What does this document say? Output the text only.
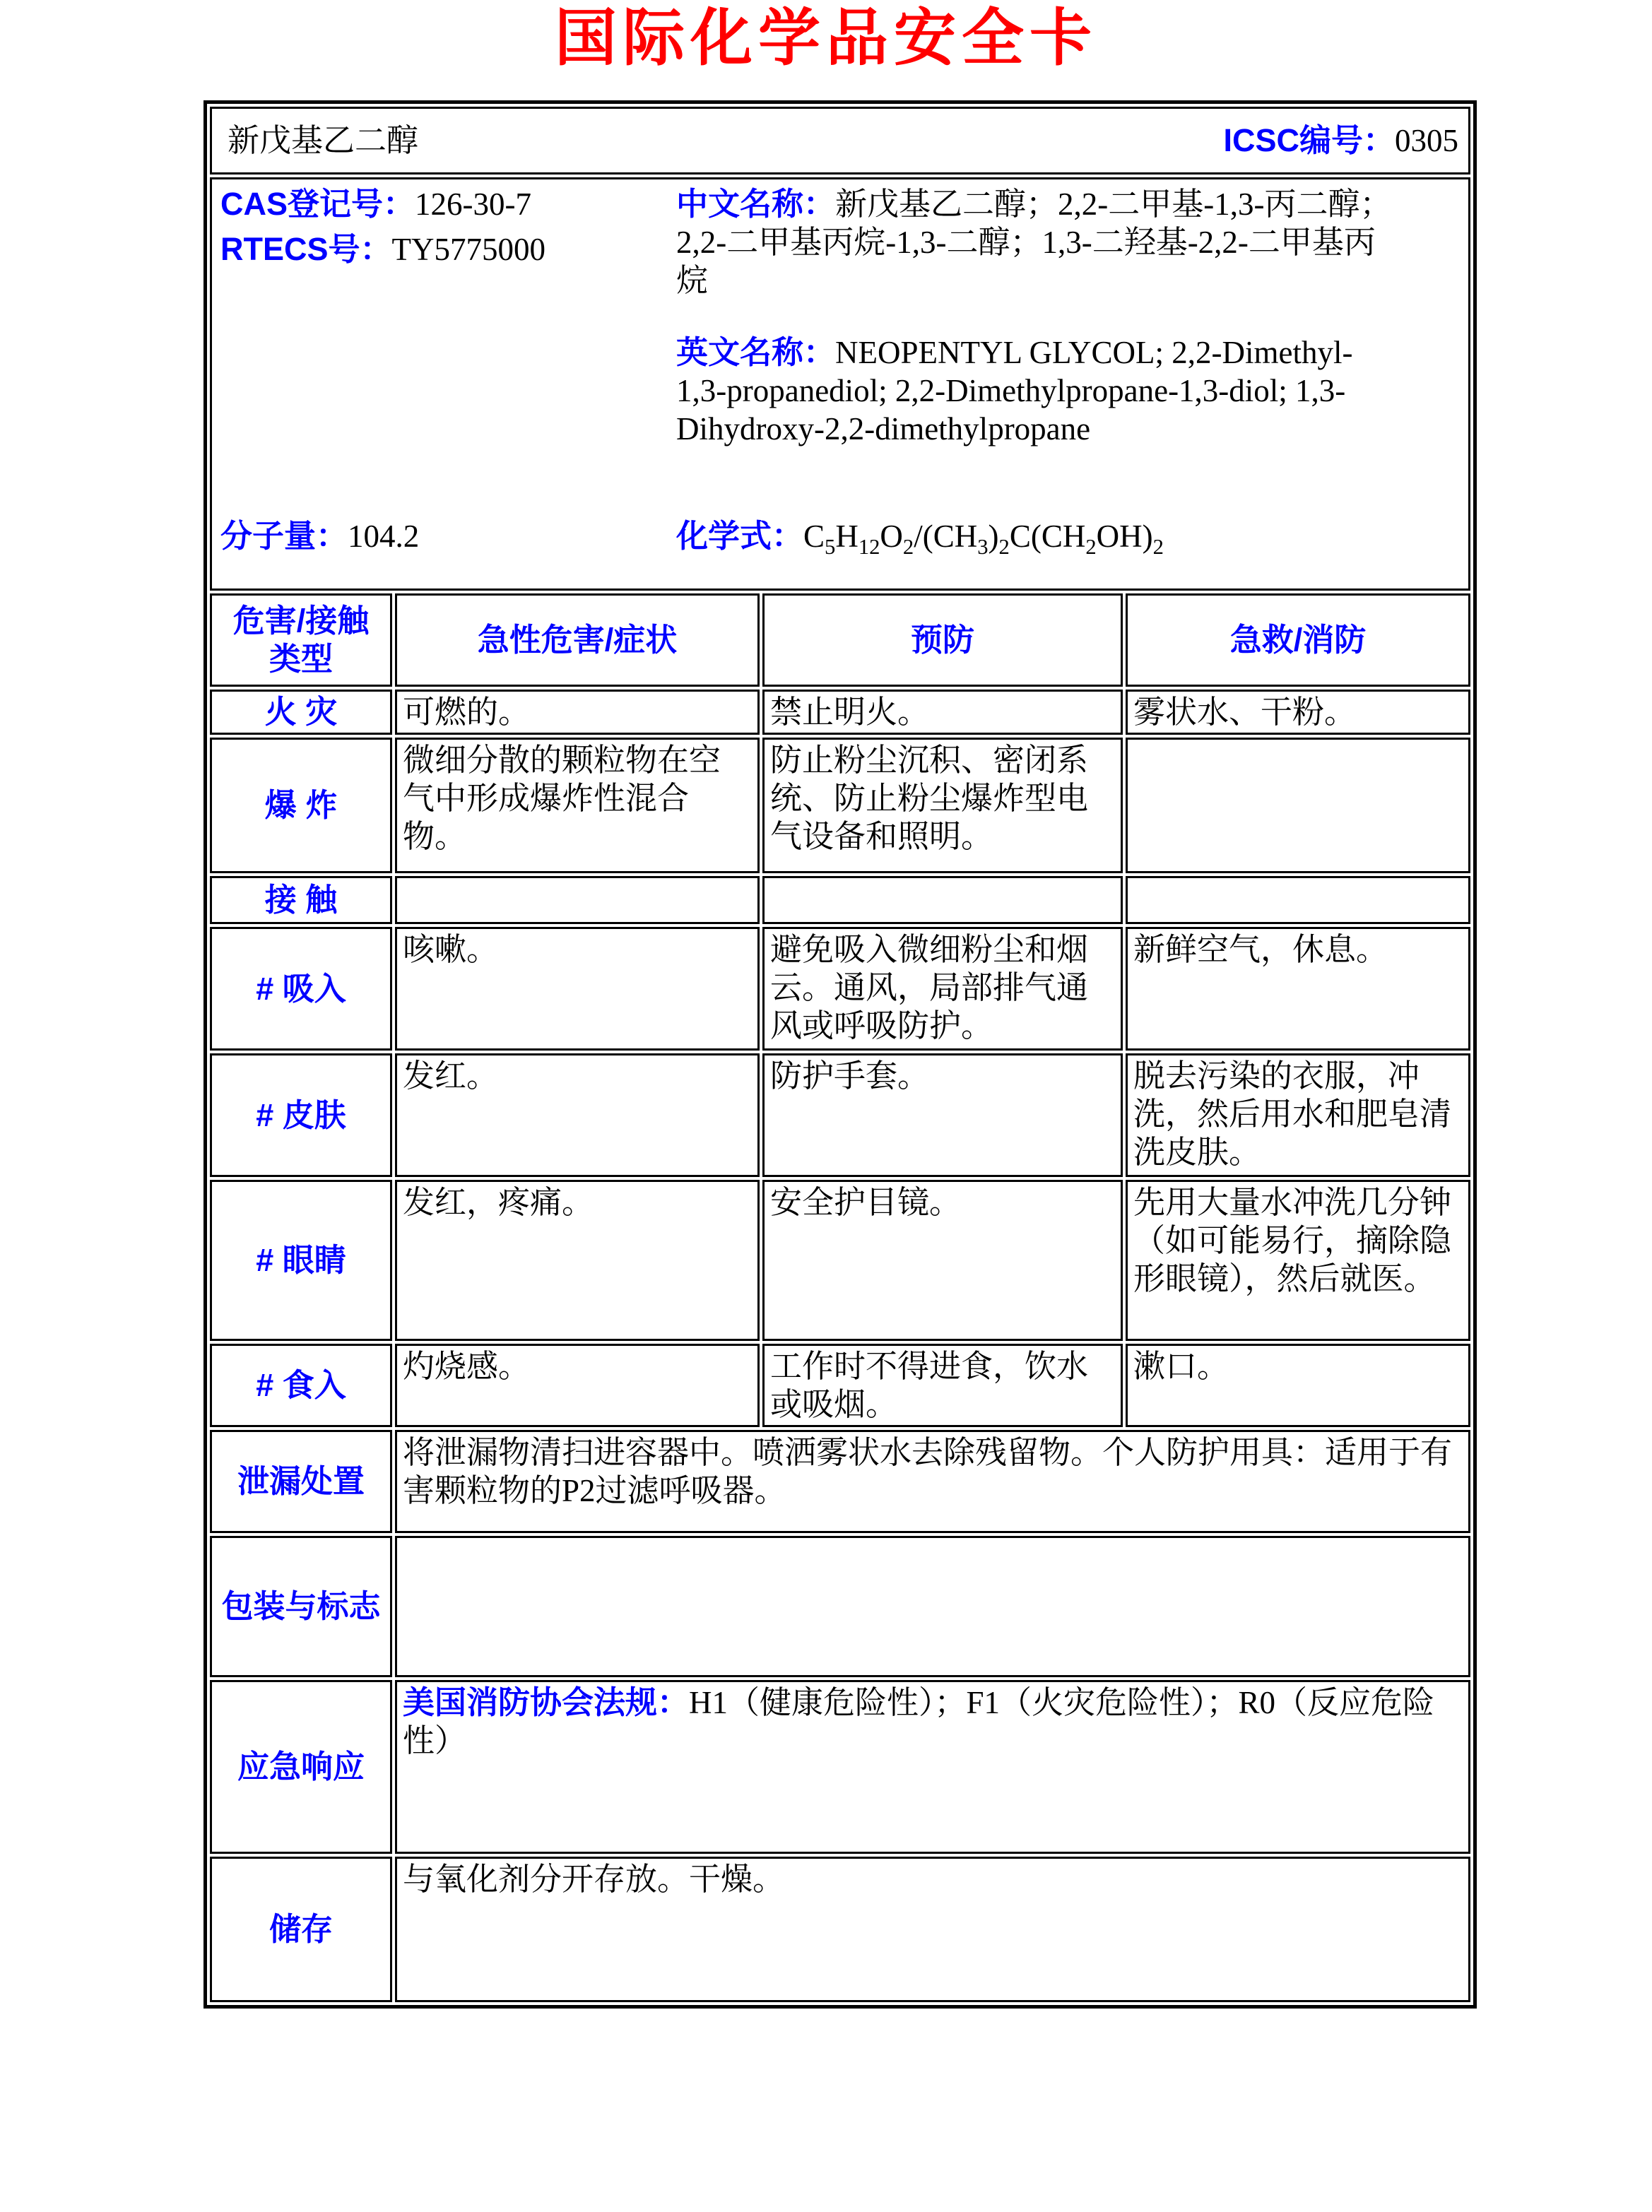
国际化学品安全卡
新戊基乙二醇 ICSC编号：0305			

CAS登记号：126-30-7
RTECS号：TY5775000

中文名称：新戊基乙二醇；2,2-二甲基-1,3-丙二醇；2,2-二甲基丙烷-1,3-二醇；1,3-二羟基-2,2-二甲基丙烷

英文名称：NEOPENTYL GLYCOL; 2,2-Dimethyl-1,3-propanediol; 2,2-Dimethylpropane-1,3-diol; 1,3-Dihydroxy-2,2-dimethylpropane

分子量：104.2	化学式：$C_5H_{12}O_2/(CH_3)_2C(CH_2OH)_2$

危害/接触类型	急性危害/症状	预防	急救/消防
火 灾	可燃的。	禁止明火。	雾状水、干粉。
爆 炸	微细分散的颗粒物在空气中形成爆炸性混合物。	防止粉尘沉积、密闭系统、防止粉尘爆炸型电气设备和照明。	
接 触			
# 吸入	咳嗽。	避免吸入微细粉尘和烟云。通风，局部排气通风或呼吸防护。	新鲜空气，休息。
# 皮肤	发红。	防护手套。	脱去污染的衣服，冲洗，然后用水和肥皂清洗皮肤。
# 眼睛	发红，疼痛。	安全护目镜。	先用大量水冲洗几分钟（如可能易行，摘除隐形眼镜），然后就医。
# 食入	灼烧感。	工作时不得进食，饮水或吸烟。	漱口。
泄漏处置	将泄漏物清扫进容器中。喷洒雾状水去除残留物。个人防护用具：适用于有害颗粒物的P2过滤呼吸器。		
包装与标志			
应急响应	美国消防协会法规：H1（健康危险性）；F1（火灾危险性）；R0（反应危险性）		
储存	与氧化剂分开存放。干燥。		
